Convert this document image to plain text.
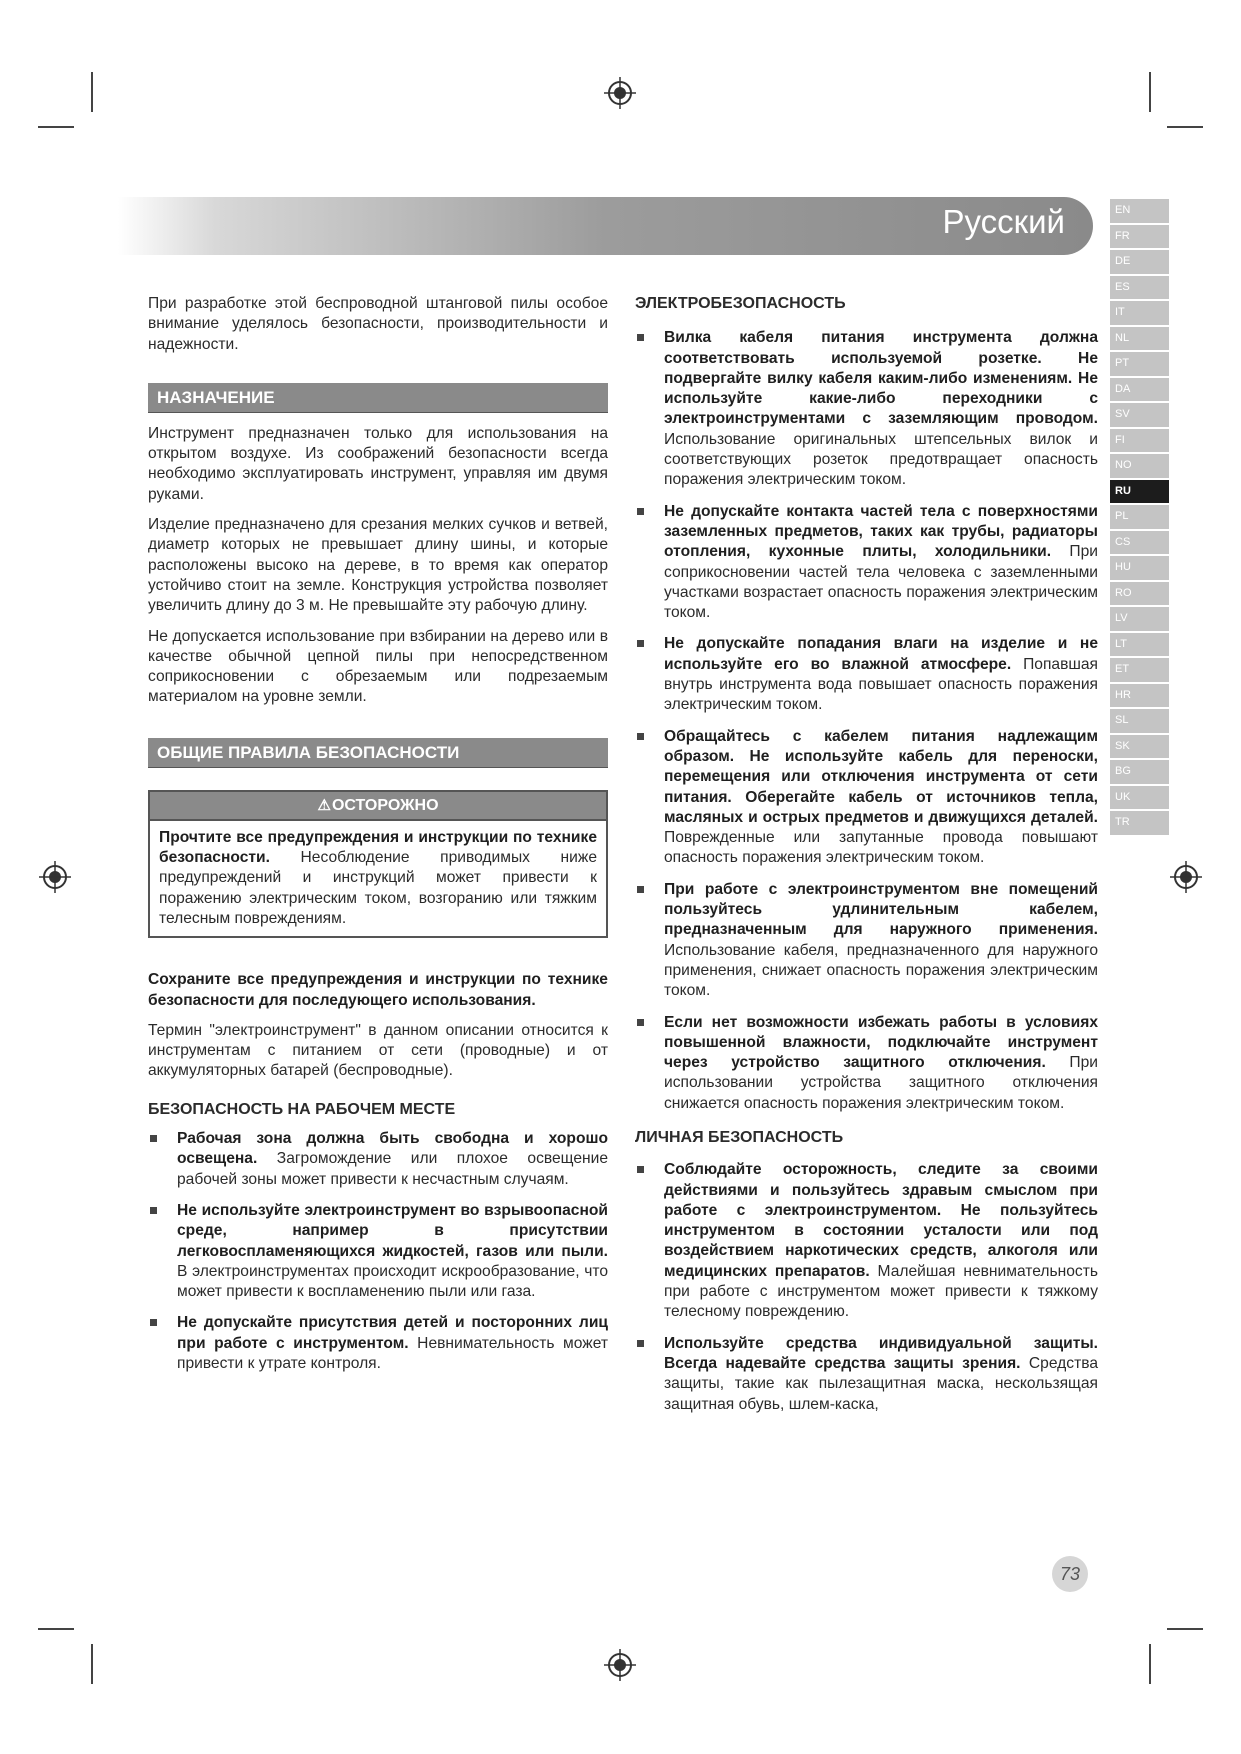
Русский	EN
FR
DE
ES
IT
NL
PT
DA
SV
FI
NO
RU
PL
CS
HU
RO
LV
LT
ET
HR
SL
SK
BG
UK
TR

При разработке этой беспроводной штанговой пилы особое внимание уделялось безопасности, производительности и надежности.

НАЗНАЧЕНИЕ

Инструмент предназначен только для использования на открытом воздухе. Из соображений безопасности всегда необходимо эксплуатировать инструмент, управляя им двумя руками.

Изделие предназначено для срезания мелких сучков и ветвей, диаметр которых не превышает длину шины, и которые расположены высоко на дереве, в то время как оператор устойчиво стоит на земле. Конструкция устройства позволяет увеличить длину до 3 м. Не превышайте эту рабочую длину.

Не допускается использование при взбирании на дерево или в качестве обычной цепной пилы при непосредственном соприкосновении с обрезаемым или подрезаемым материалом на уровне земли.

ОБЩИЕ ПРАВИЛА БЕЗОПАСНОСТИ
⚠ОСТОРОЖНО

Прочтите все предупреждения и инструкции по технике безопасности. Несоблюдение приводимых ниже предупреждений и инструкций может привести к поражению электрическим током, возгоранию или тяжким телесным повреждениям.

Сохраните все предупреждения и инструкции по технике безопасности для последующего использования.

Термин "электроинструмент" в данном описании относится к инструментам с питанием от сети (проводные) и от аккумуляторных батарей (беспроводные).

БЕЗОПАСНОСТЬ НА РАБОЧЕМ МЕСТЕ
Рабочая зона должна быть свободна и хорошо освещена. Загромождение или плохое освещение рабочей зоны может привести к несчастным случаям.
Не используйте электроинструмент во взрывоопасной среде, например в присутствии легковоспламеняющихся жидкостей, газов или пыли. В электроинструментах происходит искрообразование, что может привести к воспламенению пыли или газа.
Не допускайте присутствия детей и посторонних лиц при работе с инструментом. Невнимательность может привести к утрате контроля.
ЭЛЕКТРОБЕЗОПАСНОСТЬ
Вилка кабеля питания инструмента должна соответствовать используемой розетке. Не подвергайте вилку кабеля каким-либо изменениям. Не используйте какие-либо переходники с электроинструментами с заземляющим проводом. Использование оригинальных штепсельных вилок и соответствующих розеток предотвращает опасность поражения электрическим током.
Не допускайте контакта частей тела с поверхностями заземленных предметов, таких как трубы, радиаторы отопления, кухонные плиты, холодильники. При соприкосновении частей тела человека с заземленными участками возрастает опасность поражения электрическим током.
Не допускайте попадания влаги на изделие и не используйте его во влажной атмосфере. Попавшая внутрь инструмента вода повышает опасность поражения электрическим током.
Обращайтесь с кабелем питания надлежащим образом. Не используйте кабель для переноски, перемещения или отключения инструмента от сети питания. Оберегайте кабель от источников тепла, масляных и острых предметов и движущихся деталей. Поврежденные или запутанные провода повышают опасность поражения электрическим током.
При работе с электроинструментом вне помещений пользуйтесь удлинительным кабелем, предназначенным для наружного применения. Использование кабеля, предназначенного для наружного применения, снижает опасность поражения электрическим током.
Если нет возможности избежать работы в условиях повышенной влажности, подключайте инструмент через устройство защитного отключения. При использовании устройства защитного отключения снижается опасность поражения электрическим током.
ЛИЧНАЯ БЕЗОПАСНОСТЬ
Соблюдайте осторожность, следите за своими действиями и пользуйтесь здравым смыслом при работе с электроинструментом. Не пользуйтесь инструментом в состоянии усталости или под воздействием наркотических средств, алкоголя или медицинских препаратов. Малейшая невнимательность при работе с инструментом может привести к тяжкому телесному повреждению.
Используйте средства индивидуальной защиты. Всегда надевайте средства защиты зрения. Средства защиты, такие как пылезащитная маска, нескользящая защитная обувь, шлем-каска,
73
